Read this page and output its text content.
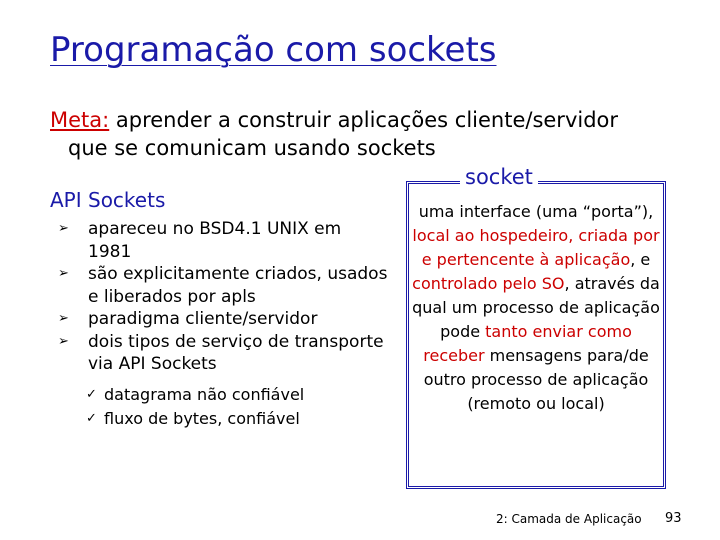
Programação com sockets
Meta: aprender a construir aplicações cliente/servidor
que se comunicam usando sockets
API Sockets

➢ apareceu no BSD4.1 UNIX em 1981

➢ são explicitamente criados, usados e liberados por apls

➢ paradigma cliente/servidor

➢ dois tipos de serviço de transporte via API Sockets

✓ datagrama não confiável
✓ fluxo de bytes, confiável
socket
uma interface (uma “porta”), local ao hospedeiro, criada por e pertencente à aplicação, e controlado pelo SO, através da qual um processo de aplicação pode tanto enviar como receber mensagens para/de outro processo de aplicação (remoto ou local)
2: Camada de Aplicação 93
